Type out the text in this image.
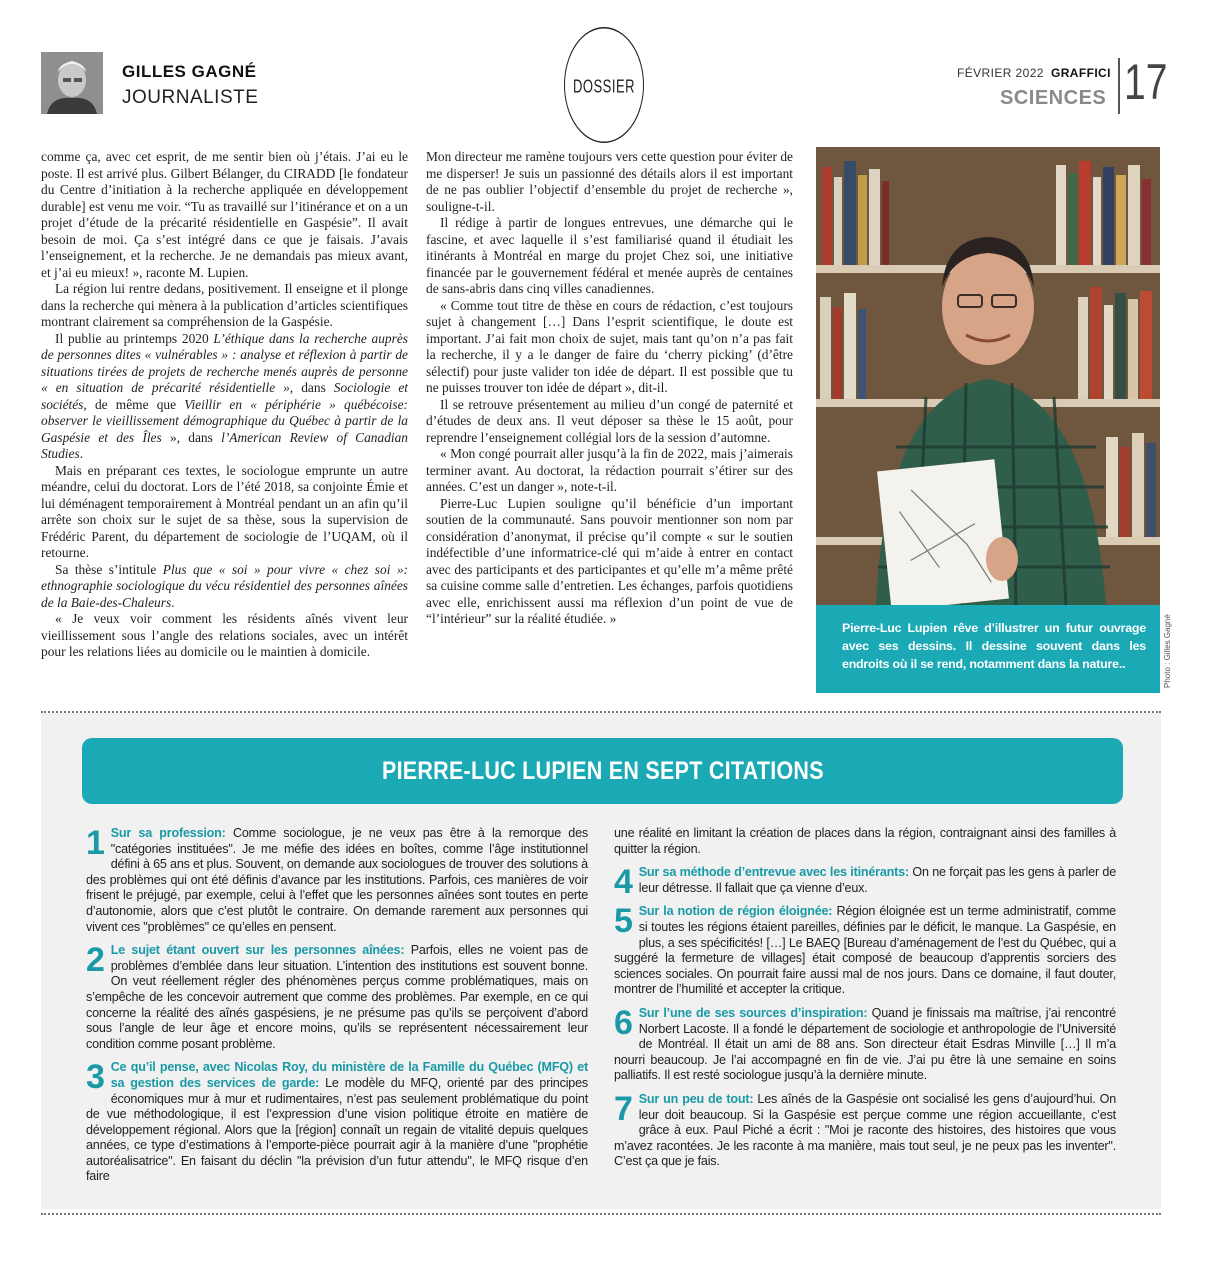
GILLES GAGNÉ
JOURNALISTE
DOSSIER
FÉVRIER 2022 GRAFFICI
SCIENCES 17

comme ça, avec cet esprit, de me sentir bien où j’étais. J’ai eu le poste. Il est arrivé plus. Gilbert Bélanger, du CIRADD [le fondateur du Centre d’initiation à la recherche appliquée en développement durable] est venu me voir. “Tu as travaillé sur l’itinérance et on a un projet d’étude de la précarité résidentielle en Gaspésie”. Il avait besoin de moi. Ça s’est intégré dans ce que je faisais. J’avais l’enseignement, et la recherche. Je ne demandais pas mieux avant, et j’ai eu mieux! », raconte M. Lupien.

La région lui rentre dedans, positivement. Il enseigne et il plonge dans la recherche qui mènera à la publication d’articles scientifiques montrant clairement sa compréhension de la Gaspésie.

Il publie au printemps 2020 L’éthique dans la recherche auprès de personnes dites « vulnérables » : analyse et réflexion à partir de situations tirées de projets de recherche menés auprès de personne « en situation de précarité résidentielle », dans Sociologie et sociétés, de même que Vieillir en « périphérie » québécoise: observer le vieillissement démographique du Québec à partir de la Gaspésie et des Îles », dans l’American Review of Canadian Studies.

Mais en préparant ces textes, le sociologue emprunte un autre méandre, celui du doctorat. Lors de l’été 2018, sa conjointe Émie et lui déménagent temporairement à Montréal pendant un an afin qu’il arrête son choix sur le sujet de sa thèse, sous la supervision de Frédéric Parent, du département de sociologie de l’UQAM, où il retourne.

Sa thèse s’intitule Plus que « soi » pour vivre « chez soi »: ethnographie sociologique du vécu résidentiel des personnes aînées de la Baie-des-Chaleurs.

« Je veux voir comment les résidents aînés vivent leur vieillissement sous l’angle des relations sociales, avec un intérêt pour les relations liées au domicile ou le maintien à domicile.

Mon directeur me ramène toujours vers cette question pour éviter de me disperser! Je suis un passionné des détails alors il est important de ne pas oublier l’objectif d’ensemble du projet de recherche », souligne-t-il.

Il rédige à partir de longues entrevues, une démarche qui le fascine, et avec laquelle il s’est familiarisé quand il étudiait les itinérants à Montréal en marge du projet Chez soi, une initiative financée par le gouvernement fédéral et menée auprès de centaines de sans-abris dans cinq villes canadiennes.

« Comme tout titre de thèse en cours de rédaction, c’est toujours sujet à changement […] Dans l’esprit scientifique, le doute est important. J’ai fait mon choix de sujet, mais tant qu’on n’a pas fait la recherche, il y a le danger de faire du ‘cherry picking’ (d’être sélectif) pour juste valider ton idée de départ. Il est possible que tu ne puisses trouver ton idée de départ », dit-il.

Il se retrouve présentement au milieu d’un congé de paternité et d’études de deux ans. Il veut déposer sa thèse le 15 août, pour reprendre l’enseignement collégial lors de la session d’automne.

« Mon congé pourrait aller jusqu’à la fin de 2022, mais j’aimerais terminer avant. Au doctorat, la rédaction pourrait s’étirer sur des années. C’est un danger », note-t-il.

Pierre-Luc Lupien souligne qu’il bénéficie d’un important soutien de la communauté. Sans pouvoir mentionner son nom par considération d’anonymat, il précise qu’il compte « sur le soutien indéfectible d’une informatrice-clé qui m’aide à entrer en contact avec des participants et des participantes et qu’elle m’a même prêté sa cuisine comme salle d’entretien. Les échanges, parfois quotidiens avec elle, enrichissent aussi ma réflexion d’un point de vue de “l’intérieur” sur la réalité étudiée. »

Pierre-Luc Lupien rêve d’illustrer un futur ouvrage avec ses dessins. Il dessine souvent dans les endroits où il se rend, notamment dans la nature..	Photo : Gilles Gagné
PIERRE-LUC LUPIEN EN SEPT CITATIONS
1 Sur sa profession: Comme sociologue, je ne veux pas être à la remorque des "catégories instituées". Je me méfie des idées en boîtes, comme l’âge institutionnel défini à 65 ans et plus. Souvent, on demande aux sociologues de trouver des solutions à des problèmes qui ont été définis d’avance par les institutions. Parfois, ces manières de voir frisent le préjugé, par exemple, celui à l’effet que les personnes aînées sont toutes en perte d’autonomie, alors que c’est plutôt le contraire. On demande rarement aux personnes qui vivent ces "problèmes" ce qu’elles en pensent.
2 Le sujet étant ouvert sur les personnes aînées: Parfois, elles ne voient pas de problèmes d’emblée dans leur situation. L’intention des institutions est souvent bonne. On veut réellement régler des phénomènes perçus comme problématiques, mais on s’empêche de les concevoir autrement que comme des problèmes. Par exemple, en ce qui concerne la réalité des aînés gaspésiens, je ne présume pas qu’ils se perçoivent d’abord sous l’angle de leur âge et encore moins, qu’ils se représentent nécessairement leur condition comme posant problème.
3 Ce qu’il pense, avec Nicolas Roy, du ministère de la Famille du Québec (MFQ) et sa gestion des services de garde: Le modèle du MFQ, orienté par des principes économiques mur à mur et rudimentaires, n’est pas seulement problématique du point de vue méthodologique, il est l’expression d’une vision politique étroite en matière de développement régional. Alors que la [région] connaît un regain de vitalité depuis quelques années, ce type d’estimations à l’emporte-pièce pourrait agir à la manière d’une "prophétie autoréalisatrice". En faisant du déclin "la prévision d’un futur attendu", le MFQ risque d’en faire
une réalité en limitant la création de places dans la région, contraignant ainsi des familles à quitter la région.
4 Sur sa méthode d’entrevue avec les itinérants: On ne forçait pas les gens à parler de leur détresse. Il fallait que ça vienne d’eux.
5 Sur la notion de région éloignée: Région éloignée est un terme administratif, comme si toutes les régions étaient pareilles, définies par le déficit, le manque. La Gaspésie, en plus, a ses spécificités! […] Le BAEQ [Bureau d’aménagement de l’est du Québec, qui a suggéré la fermeture de villages] était composé de beaucoup d’apprentis sorciers des sciences sociales. On pourrait faire aussi mal de nos jours. Dans ce domaine, il faut douter, montrer de l’humilité et accepter la critique.
6 Sur l’une de ses sources d’inspiration: Quand je finissais ma maîtrise, j’ai rencontré Norbert Lacoste. Il a fondé le département de sociologie et anthropologie de l’Université de Montréal. Il était un ami de 88 ans. Son directeur était Esdras Minville […] Il m’a nourri beaucoup. Je l’ai accompagné en fin de vie. J’ai pu être là une semaine en soins palliatifs. Il est resté sociologue jusqu’à la dernière minute.
7 Sur un peu de tout: Les aînés de la Gaspésie ont socialisé les gens d’aujourd’hui. On leur doit beaucoup. Si la Gaspésie est perçue comme une région accueillante, c’est grâce à eux. Paul Piché a écrit : "Moi je raconte des histoires, des histoires que vous m’avez racontées. Je les raconte à ma manière, mais tout seul, je ne peux pas les inventer". C’est ça que je fais.
